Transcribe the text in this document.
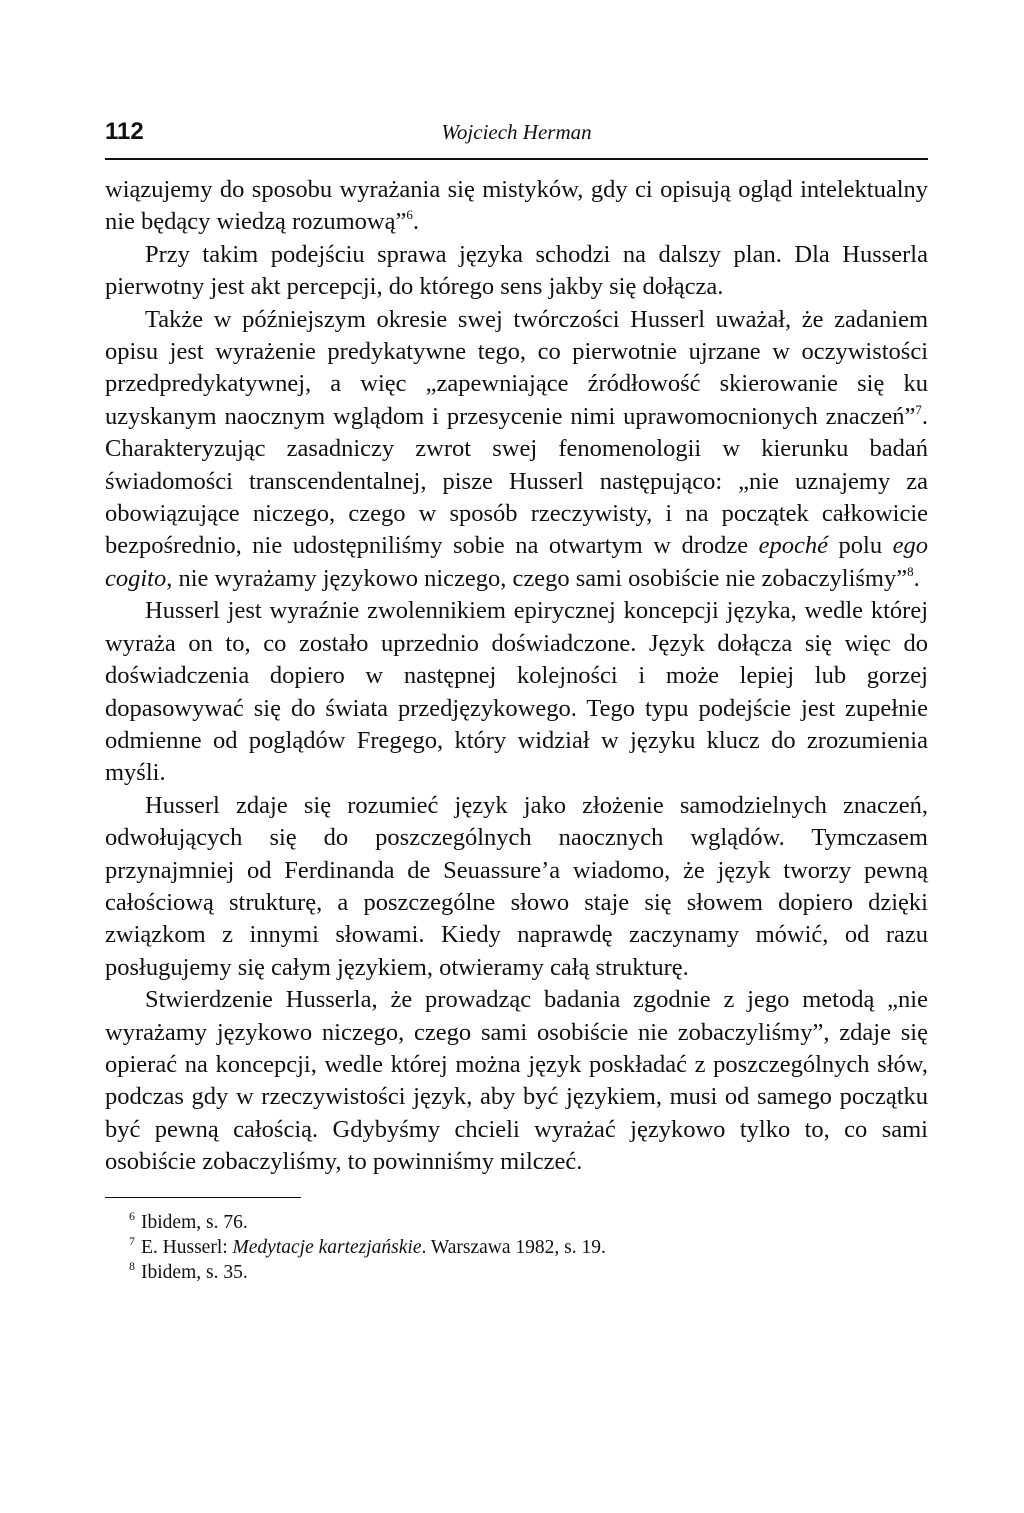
112	Wojciech Herman

wiązujemy do sposobu wyrażania się mistyków, gdy ci opisują ogląd intelektualny nie będący wiedzą rozumową”$^6$.

Przy takim podejściu sprawa języka schodzi na dalszy plan. Dla Husserla pierwotny jest akt percepcji, do którego sens jakby się dołącza.

Także w późniejszym okresie swej twórczości Husserl uważał, że zadaniem opisu jest wyrażenie predykatywne tego, co pierwotnie ujrzane w oczywistości przedpredykatywnej, a więc „zapewniające źródłowość skierowanie się ku uzyskanym naocznym wglądom i przesycenie nimi uprawomocnionych znaczeń”$^7$. Charakteryzując zasadniczy zwrot swej fenomenologii w kierunku badań świadomości transcendentalnej, pisze Husserl następująco: „nie uznajemy za obowiązujące niczego, czego w sposób rzeczywisty, i na początek całkowicie bezpośrednio, nie udostępniliśmy sobie na otwartym w drodze epoché polu ego cogito, nie wyrażamy językowo niczego, czego sami osobiście nie zobaczyliśmy”$^8$.

Husserl jest wyraźnie zwolennikiem epirycznej koncepcji języka, wedle której wyraża on to, co zostało uprzednio doświadczone. Język dołącza się więc do doświadczenia dopiero w następnej kolejności i może lepiej lub gorzej dopasowywać się do świata przedjęzykowego. Tego typu podejście jest zupełnie odmienne od poglądów Fregego, który widział w języku klucz do zrozumienia myśli.

Husserl zdaje się rozumieć język jako złożenie samodzielnych znaczeń, odwołujących się do poszczególnych naocznych wglądów. Tymczasem przynajmniej od Ferdinanda de Seuassure’a wiadomo, że język tworzy pewną całościową strukturę, a poszczególne słowo staje się słowem dopiero dzięki związkom z innymi słowami. Kiedy naprawdę zaczynamy mówić, od razu posługujemy się całym językiem, otwieramy całą strukturę.

Stwierdzenie Husserla, że prowadząc badania zgodnie z jego metodą „nie wyrażamy językowo niczego, czego sami osobiście nie zobaczyliśmy”, zdaje się opierać na koncepcji, wedle której można język poskładać z poszczególnych słów, podczas gdy w rzeczywistości język, aby być językiem, musi od samego początku być pewną całością. Gdybyśmy chcieli wyrażać językowo tylko to, co sami osobiście zobaczyliśmy, to powinniśmy milczeć.

$^6$ Ibidem, s. 76.
$^7$ E. Husserl: Medytacje kartezjańskie. Warszawa 1982, s. 19.
$^8$ Ibidem, s. 35.
